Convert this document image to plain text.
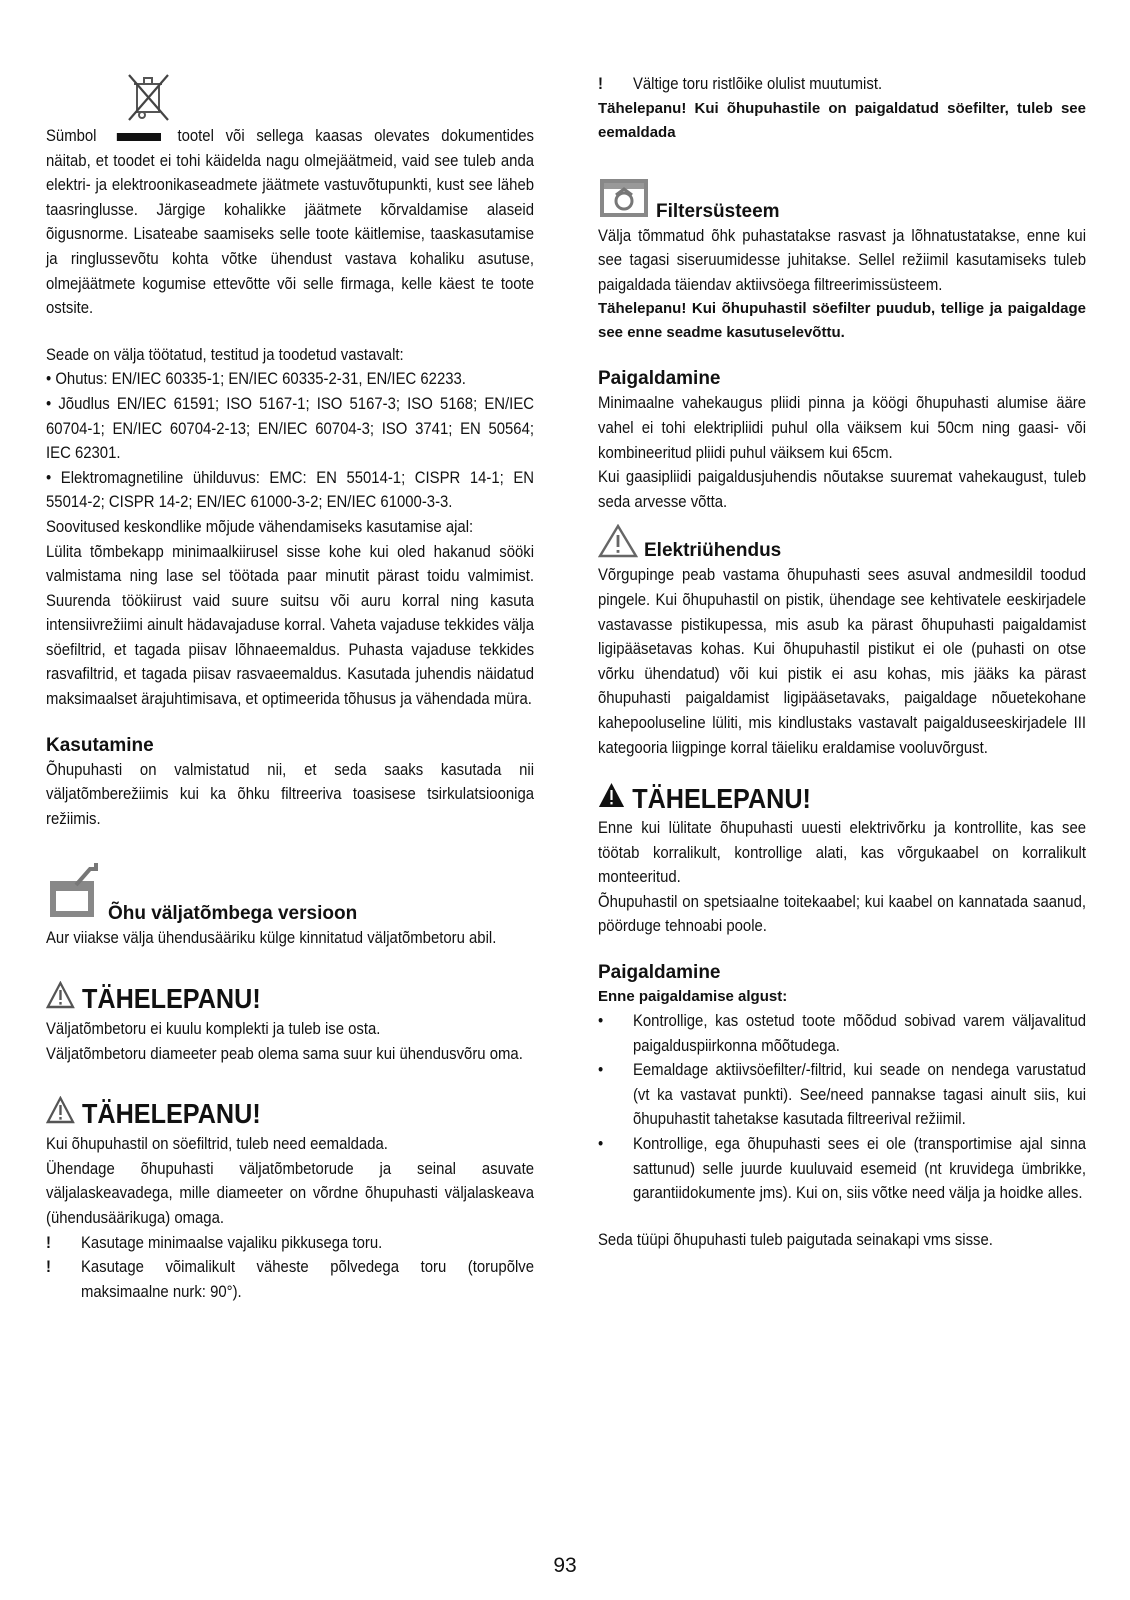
Sümbol	tootel või sellega kaasas olevates dokumentides näitab, et toodet ei tohi käidelda nagu olmejäätmeid, vaid see tuleb anda elektri- ja elektroonikaseadmete jäätmete vastuvõtupunkti, kust see läheb taasringlusse. Järgige kohalikke jäätmete kõrvaldamise alaseid õigusnorme. Lisateabe saamiseks selle toote käitlemise, taaskasutamise ja ringlussevõtu kohta võtke ühendust vastava kohaliku asutuse, olmejäätmete kogumise ettevõtte või selle firmaga, kelle käest te toote ostsite.

Seade on välja töötatud, testitud ja toodetud vastavalt:

• Ohutus: EN/IEC 60335-1; EN/IEC 60335-2-31, EN/IEC 62233.

• Jõudlus EN/IEC 61591; ISO 5167-1; ISO 5167-3; ISO 5168; EN/IEC 60704-1; EN/IEC 60704-2-13; EN/IEC 60704-3; ISO 3741; EN 50564; IEC 62301.

• Elektromagnetiline ühilduvus: EMC: EN 55014-1; CISPR 14-1; EN 55014-2; CISPR 14-2; EN/IEC 61000-3-2; EN/IEC 61000-3-3.

Soovitused keskondlike mõjude vähendamiseks kasutamise ajal:

Lülita tõmbekapp minimaalkiirusel sisse kohe kui oled hakanud sööki valmistama ning lase sel töötada paar minutit pärast toidu valmimist. Suurenda töökiirust vaid suure suitsu või auru korral ning kasuta intensiivrežiimi ainult hädavajaduse korral. Vaheta vajaduse tekkides välja söefiltrid, et tagada piisav lõhnaeemaldus. Puhasta vajaduse tekkides rasvafiltrid, et tagada piisav rasvaeemaldus. Kasutada juhendis näidatud maksimaalset ärajuhtimisava, et optimeerida tõhusus ja vähendada müra.

Kasutamine

Õhupuhasti on valmistatud nii, et seda saaks kasutada nii väljatõmberežiimis kui ka õhku filtreeriva toasisese tsirkulatsiooniga režiimis.

Õhu väljatõmbega versioon

Aur viiakse välja ühendusääriku külge kinnitatud väljatõmbetoru abil.

TÄHELEPANU!

Väljatõmbetoru ei kuulu komplekti ja tuleb ise osta.

Väljatõmbetoru diameeter peab olema sama suur kui ühendusvõru oma.

TÄHELEPANU!

Kui õhupuhastil on söefiltrid, tuleb need eemaldada.

Ühendage õhupuhasti väljatõmbetorude ja seinal asuvate väljalaskeavadega, mille diameeter on võrdne õhupuhasti väljalaskeava (ühendusäärikuga) omaga.

!	Kasutage minimaalse vajaliku pikkusega toru.
!	Kasutage võimalikult väheste põlvedega toru (torupõlve maksimaalne nurk: 90°).
!	Vältige toru ristlõike olulist muutumist.

Tähelepanu! Kui õhupuhastile on paigaldatud söefilter, tuleb see eemaldada

Filtersüsteem

Välja tõmmatud õhk puhastatakse rasvast ja lõhnatustatakse, enne kui see tagasi siseruumidesse juhitakse. Sellel režiimil kasutamiseks tuleb paigaldada täiendav aktiivsöega filtreerimissüsteem.

Tähelepanu! Kui õhupuhastil söefilter puudub, tellige ja paigaldage see enne seadme kasutuselevõttu.

Paigaldamine

Minimaalne vahekaugus pliidi pinna ja köögi õhupuhasti alumise ääre vahel ei tohi elektripliidi puhul olla väiksem kui 50cm ning gaasi- või kombineeritud pliidi puhul väiksem kui 65cm.

Kui gaasipliidi paigaldusjuhendis nõutakse suuremat vahekaugust, tuleb seda arvesse võtta.

Elektriühendus

Võrgupinge peab vastama õhupuhasti sees asuval andmesildil toodud pingele. Kui õhupuhastil on pistik, ühendage see kehtivatele eeskirjadele vastavasse pistikupessa, mis asub ka pärast õhupuhasti paigaldamist ligipääsetavas kohas. Kui õhupuhastil pistikut ei ole (puhasti on otse võrku ühendatud) või kui pistik ei asu kohas, mis jääks ka pärast õhupuhasti paigaldamist ligipääsetavaks, paigaldage nõuetekohane kahepooluseline lüliti, mis kindlustaks vastavalt paigalduseeskirjadele III kategooria liigpinge korral täieliku eraldamise vooluvõrgust.

TÄHELEPANU!

Enne kui lülitate õhupuhasti uuesti elektrivõrku ja kontrollite, kas see töötab korralikult, kontrollige alati, kas võrgukaabel on korralikult monteeritud.

Õhupuhastil on spetsiaalne toitekaabel; kui kaabel on kannatada saanud, pöörduge tehnoabi poole.

Paigaldamine

Enne paigaldamise algust:

•	Kontrollige, kas ostetud toote mõõdud sobivad varem väljavalitud paigalduspiirkonna mõõtudega.
•	Eemaldage aktiivsöefilter/-filtrid, kui seade on nendega varustatud (vt ka vastavat punkti). See/need pannakse tagasi ainult siis, kui õhupuhastit tahetakse kasutada filtreerival režiimil.
•	Kontrollige, ega õhupuhasti sees ei ole (transportimise ajal sinna sattunud) selle juurde kuuluvaid esemeid (nt kruvidega ümbrikke, garantiidokumente jms). Kui on, siis võtke need välja ja hoidke alles.

Seda tüüpi õhupuhasti tuleb paigutada seinakapi vms sisse.

93
